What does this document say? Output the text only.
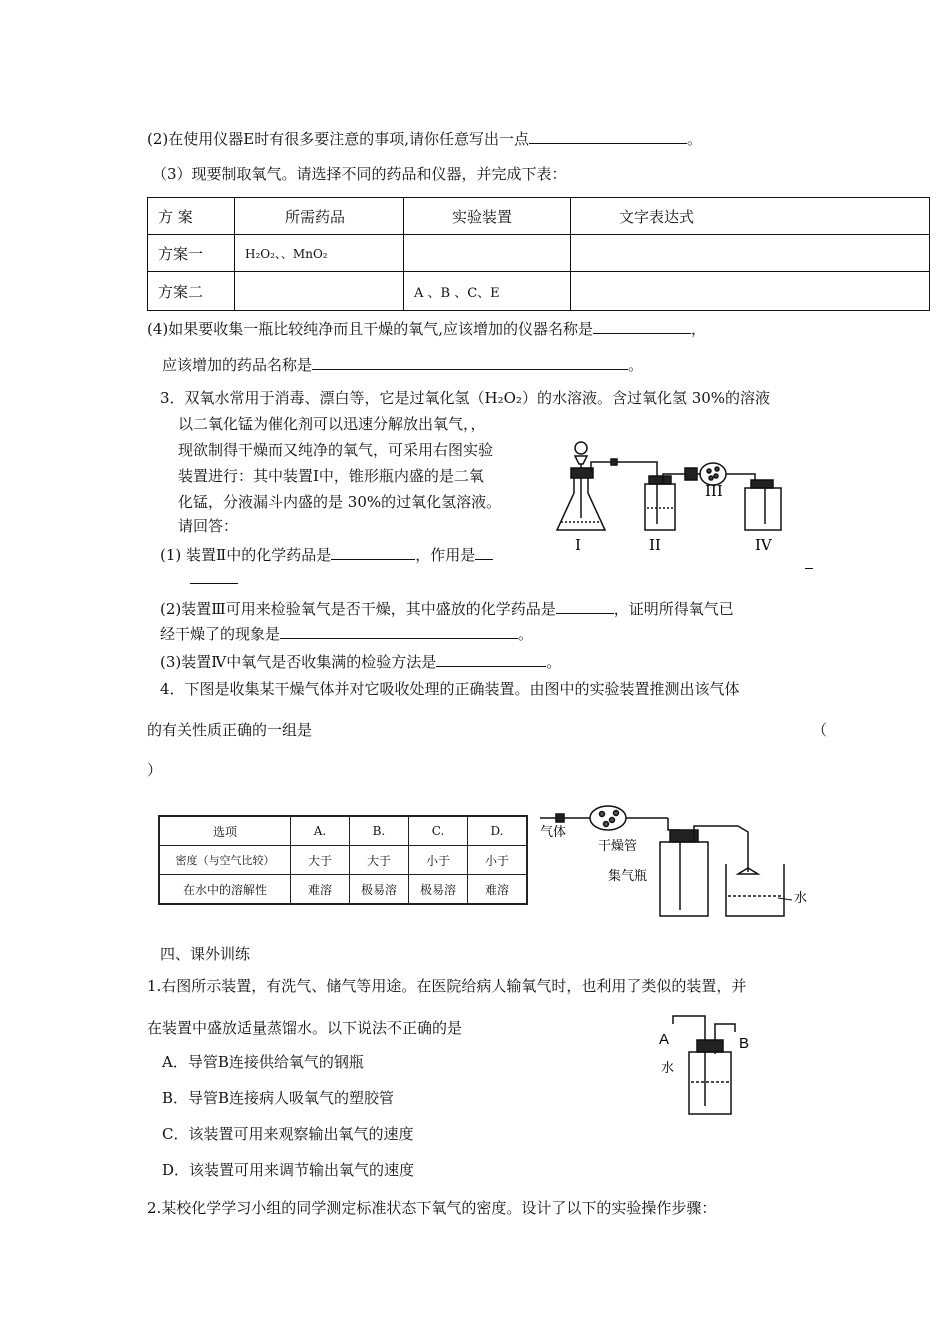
(2)在使用仪器E时有很多要注意的事项,请你任意写出一点	。
（3）现要制取氧气。请选择不同的药品和仪器，并完成下表：
方 案	所需药品	实验装置	文字表达式
方案一	H₂O₂、、MnO₂		
方案二		A 、B 、C、E	
(4)如果要收集一瓶比较纯净而且干燥的氧气,应该增加的仪器名称是	，
应该增加的药品名称是	。
3．双氧水常用于消毒、漂白等，它是过氧化氢（H₂O₂）的水溶液。含过氧化氢 30%的溶液
以二氧化锰为催化剂可以迅速分解放出氧气，，
现欲制得干燥而又纯净的氧气，可采用右图实验
装置进行：其中装置Ⅰ中，锥形瓶内盛的是二氧
化锰，分液漏斗内盛的是 30%的过氧化氢溶液。
请回答：
I	II
III
IV
(1) 装置Ⅱ中的化学药品是	，作用是
(2)装置Ⅲ可用来检验氧气是否干燥，其中盛放的化学药品是	，证明所得氧气已
经干燥了的现象是	。
(3)装置Ⅳ中氧气是否收集满的检验方法是	。
4．下图是收集某干燥气体并对它吸收处理的正确装置。由图中的实验装置推测出该气体
的有关性质正确的一组是	（
）
选项	A.	B.	C.	D.
密度（与空气比较）	大于	大于	小于	小于
在水中的溶解性	难溶	极易溶	极易溶	难溶
气体
干燥管
集气瓶
水
四、课外训练
1.右图所示装置，有洗气、储气等用途。在医院给病人输氧气时，也利用了类似的装置，并
在装置中盛放适量蒸馏水。以下说法不正确的是
A．导管B连接供给氧气的钢瓶
B．导管B连接病人吸氧气的塑胶管
C．该装置可用来观察输出氧气的速度
D．该装置可用来调节输出氧气的速度
A	B
水
2.某校化学学习小组的同学测定标准状态下氧气的密度。设计了以下的实验操作步骤：
